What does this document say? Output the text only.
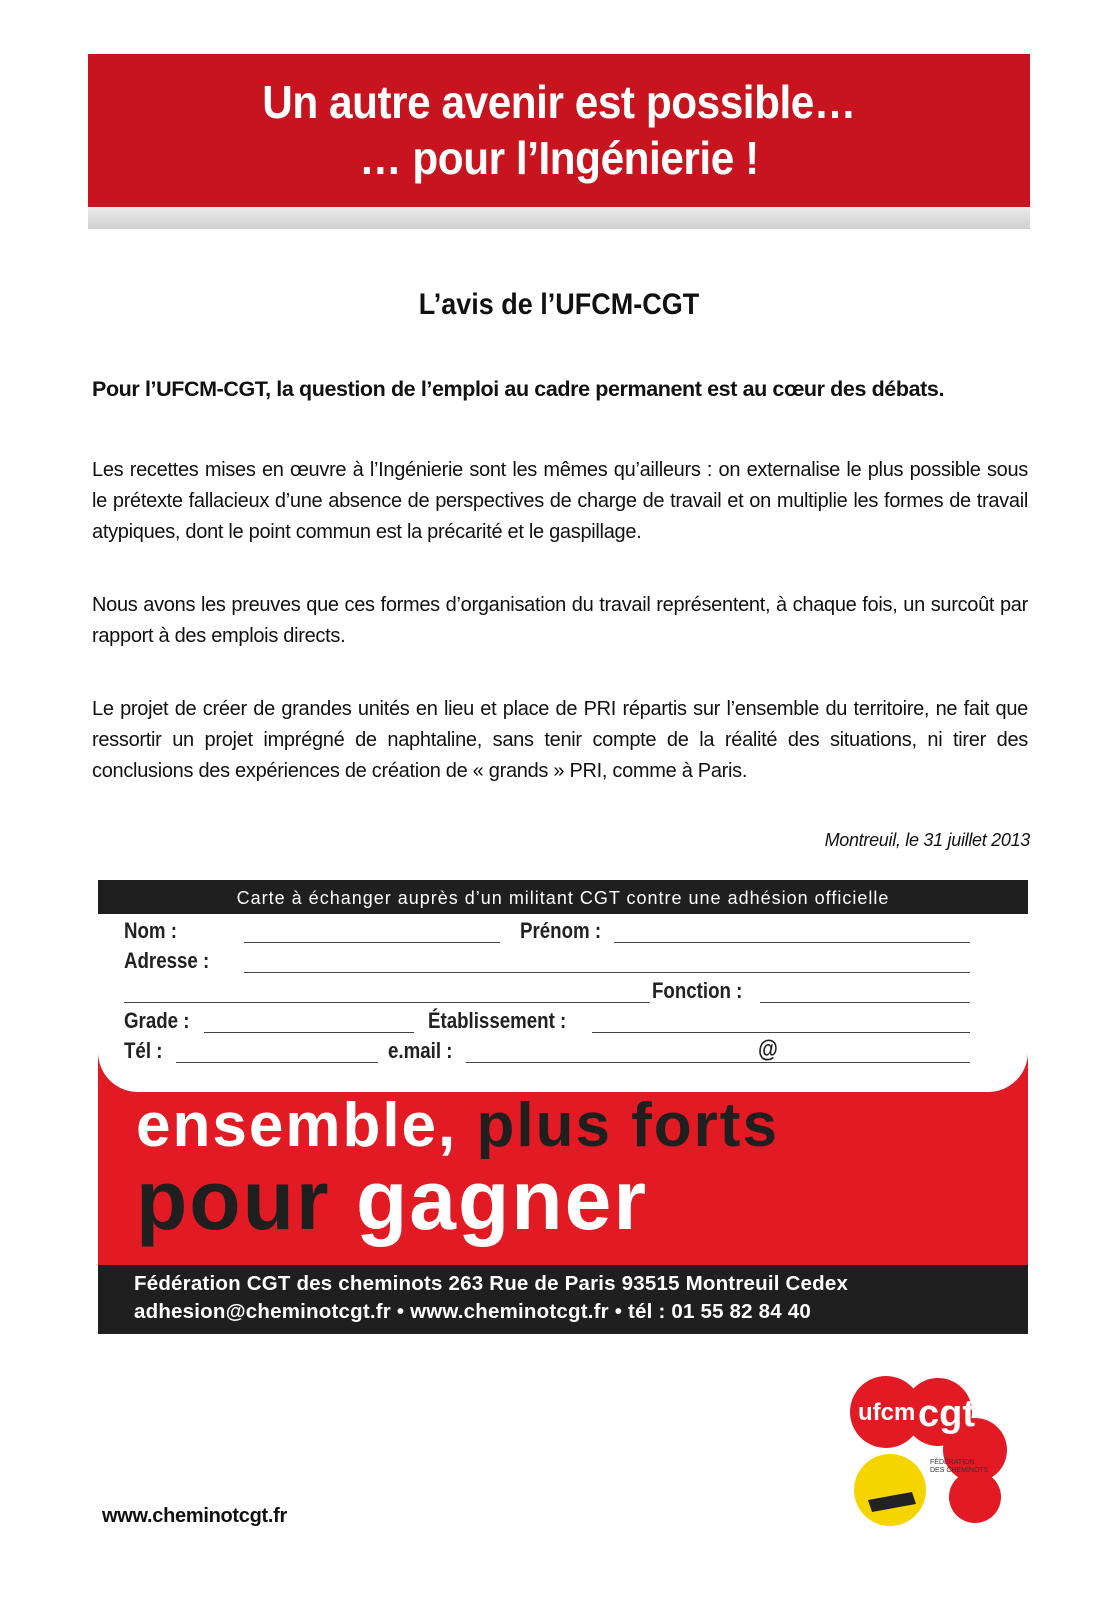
Un autre avenir est possible…
… pour l’Ingénierie !
L’avis de l’UFCM-CGT
Pour l’UFCM-CGT, la question de l’emploi au cadre permanent est au cœur des débats.
Les recettes mises en œuvre à l’Ingénierie sont les mêmes qu’ailleurs : on externalise le plus possible sous le prétexte fallacieux d’une absence de perspectives de charge de travail et on multiplie les formes de travail atypiques, dont le point commun est la précarité et le gaspillage.
Nous avons les preuves que ces formes d’organisation du travail représentent, à chaque fois, un surcoût par rapport à des emplois directs.
Le projet de créer de grandes unités en lieu et place de PRI répartis sur l’ensemble du territoire, ne fait que ressortir un projet imprégné de naphtaline, sans tenir compte de la réalité des situations, ni tirer des conclusions des expériences de création de « grands » PRI, comme à Paris.
Montreuil, le 31 juillet 2013
Nom :	Prénom :
Adresse :
Fonction :
Grade :	Établissement :
Tél :	e.mail :	@
Carte à échanger auprès d’un militant CGT contre une adhésion officielle
ensemble, plus forts
pour gagner
Fédération CGT des cheminots 263 Rue de Paris 93515 Montreuil Cedex
adhesion@cheminotcgt.fr • www.cheminotcgt.fr • tél : 01 55 82 84 40
www.cheminotcgt.fr
ufcm cgt
FÉDÉRATION
DES CHEMINOTS
